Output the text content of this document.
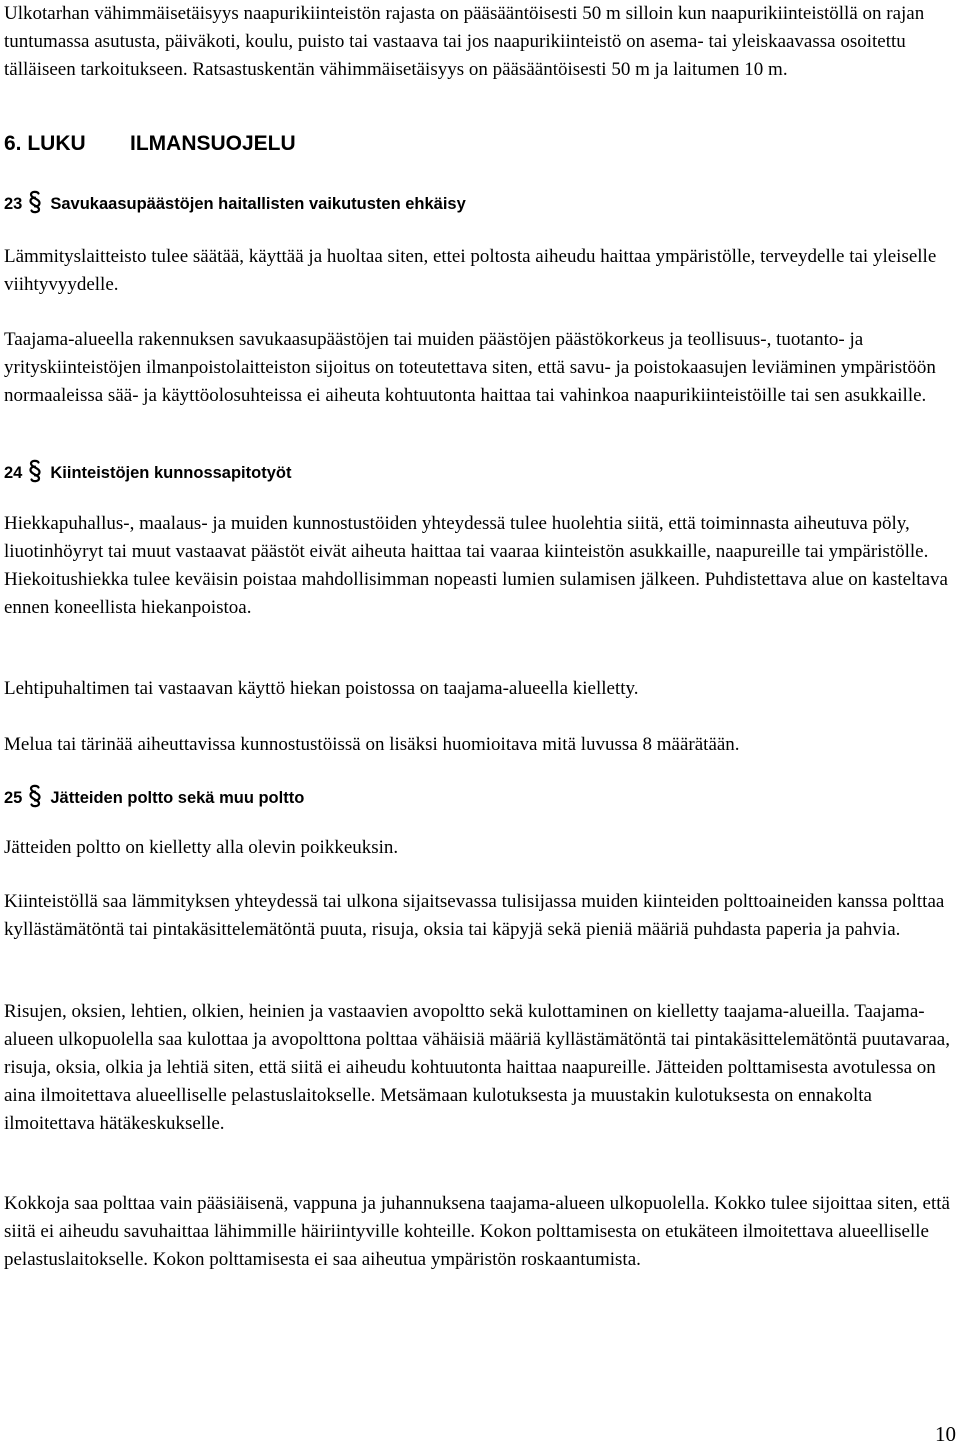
Ulkotarhan vähimmäisetäisyys naapurikiinteistön rajasta on pääsääntöisesti 50 m silloin kun naapurikiinteistöllä on rajan tuntumassa asutusta, päiväkoti, koulu, puisto tai vastaava tai jos naapurikiinteistö on asema- tai yleiskaavassa osoitettu tälläiseen tarkoitukseen. Ratsastuskentän vähimmäisetäisyys on pääsääntöisesti 50 m ja laitumen 10 m.

6. LUKU ILMANSUOJELU
23 Savukaasupäästöjen haitallisten vaikutusten ehkäisy

Lämmityslaitteisto tulee säätää, käyttää ja huoltaa siten, ettei poltosta aiheudu haittaa ympäristölle, terveydelle tai yleiselle viihtyvyydelle.

Taajama-alueella rakennuksen savukaasupäästöjen tai muiden päästöjen päästökorkeus ja teollisuus-, tuotanto- ja yrityskiinteistöjen ilmanpoistolaitteiston sijoitus on toteutettava siten, että savu- ja poistokaasujen leviäminen ympäristöön normaaleissa sää- ja käyttöolosuhteissa ei aiheuta kohtuutonta haittaa tai vahinkoa naapurikiinteistöille tai sen asukkaille.

24 Kiinteistöjen kunnossapitotyöt

Hiekkapuhallus-, maalaus- ja muiden kunnostustöiden yhteydessä tulee huolehtia siitä, että toiminnasta aiheutuva pöly, liuotinhöyryt tai muut vastaavat päästöt eivät aiheuta haittaa tai vaaraa kiinteistön asukkaille, naapureille tai ympäristölle. Hiekoitushiekka tulee keväisin poistaa mahdollisimman nopeasti lumien sulamisen jälkeen. Puhdistettava alue on kasteltava ennen koneellista hiekanpoistoa.

Lehtipuhaltimen tai vastaavan käyttö hiekan poistossa on taajama-alueella kielletty.

Melua tai tärinää aiheuttavissa kunnostustöissä on lisäksi huomioitava mitä luvussa 8 määrätään.

25 Jätteiden poltto sekä muu poltto

Jätteiden poltto on kielletty alla olevin poikkeuksin.

Kiinteistöllä saa lämmityksen yhteydessä tai ulkona sijaitsevassa tulisijassa muiden kiinteiden polttoaineiden kanssa polttaa kyllästämätöntä tai pintakäsittelemätöntä puuta, risuja, oksia tai käpyjä sekä pieniä määriä puhdasta paperia ja pahvia.

Risujen, oksien, lehtien, olkien, heinien ja vastaavien avopoltto sekä kulottaminen on kielletty taajama-alueilla. Taajama-alueen ulkopuolella saa kulottaa ja avopolttona polttaa vähäisiä määriä kyllästämätöntä tai pintakäsittelemätöntä puutavaraa, risuja, oksia, olkia ja lehtiä siten, että siitä ei aiheudu kohtuutonta haittaa naapureille. Jätteiden polttamisesta avotulessa on aina ilmoitettava alueelliselle pelastuslaitokselle. Metsämaan kulotuksesta ja muustakin kulotuksesta on ennakolta ilmoitettava hätäkeskukselle.

Kokkoja saa polttaa vain pääsiäisenä, vappuna ja juhannuksena taajama-alueen ulkopuolella. Kokko tulee sijoittaa siten, että siitä ei aiheudu savuhaittaa lähimmille häiriintyville kohteille. Kokon polttamisesta on etukäteen ilmoitettava alueelliselle pelastuslaitokselle. Kokon polttamisesta ei saa aiheutua ympäristön roskaantumista.

10
